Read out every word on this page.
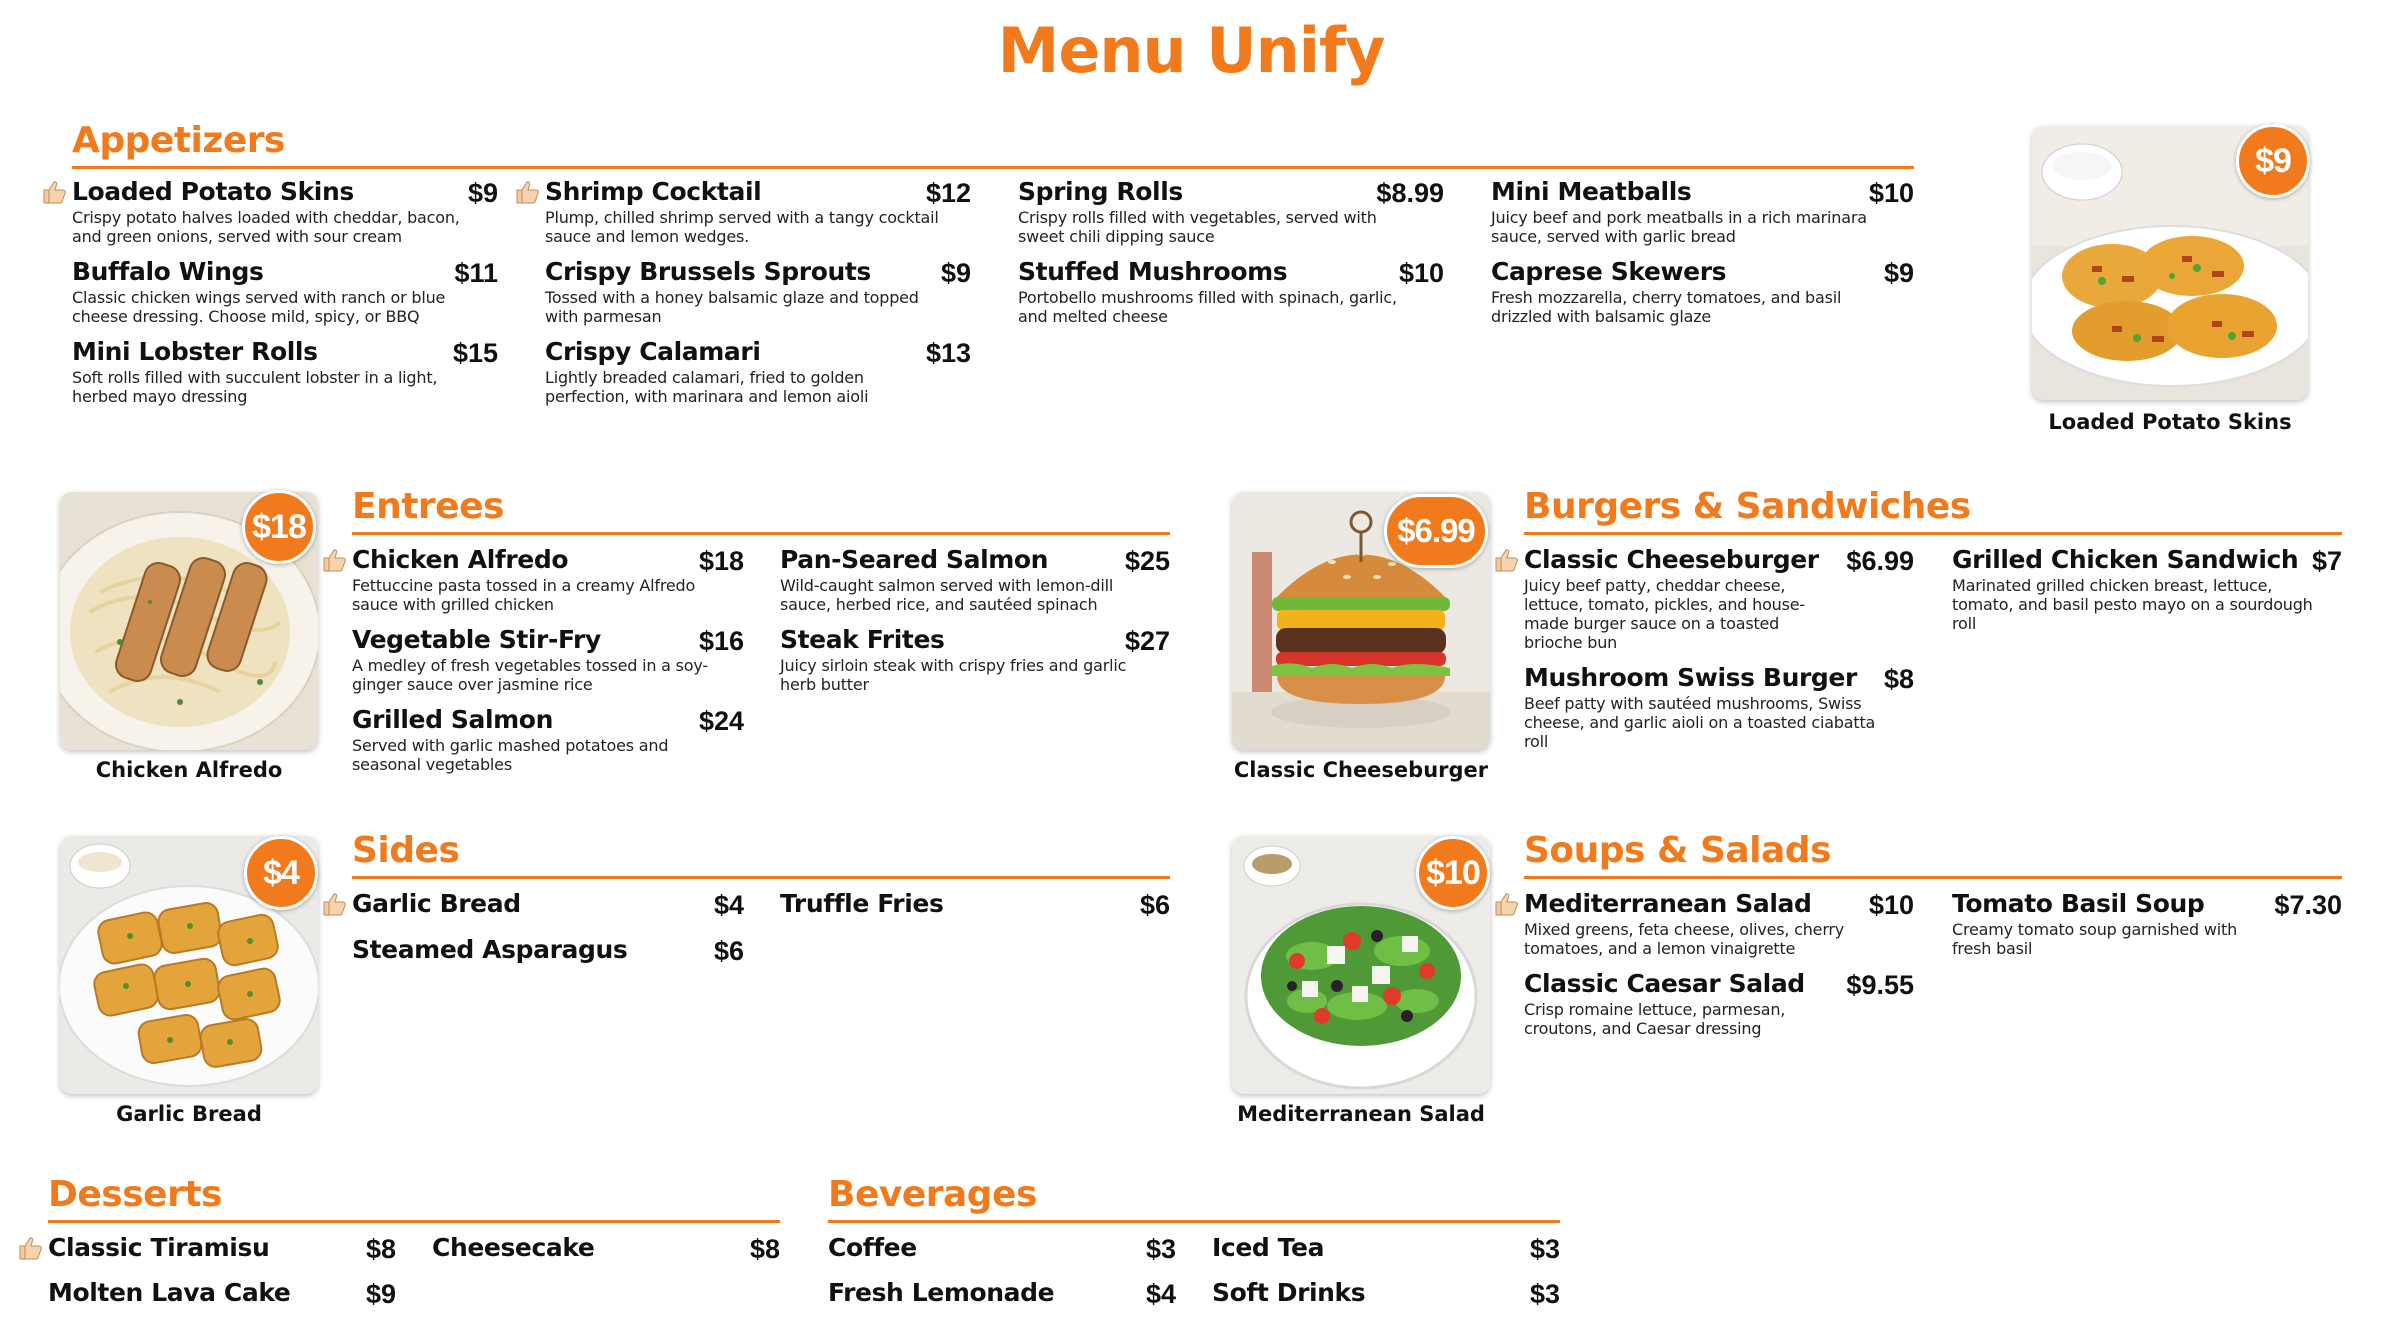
Menu Unify
Appetizers
Loaded Potato Skins	$9
Crispy potato halves loaded with cheddar, bacon, and green onions, served with sour cream
Buffalo Wings	$11
Classic chicken wings served with ranch or blue cheese dressing. Choose mild, spicy, or BBQ
Mini Lobster Rolls	$15
Soft rolls filled with succulent lobster in a light, herbed mayo dressing
Shrimp Cocktail	$12
Plump, chilled shrimp served with a tangy cocktail sauce and lemon wedges.
Crispy Brussels Sprouts	$9
Tossed with a honey balsamic glaze and topped with parmesan
Crispy Calamari	$13
Lightly breaded calamari, fried to golden perfection, with marinara and lemon aioli
Spring Rolls	$8.99
Crispy rolls filled with vegetables, served with sweet chili dipping sauce
Stuffed Mushrooms	$10
Portobello mushrooms filled with spinach, garlic, and melted cheese
Mini Meatballs	$10
Juicy beef and pork meatballs in a rich marinara sauce, served with garlic bread
Caprese Skewers	$9
Fresh mozzarella, cherry tomatoes, and basil drizzled with balsamic glaze
$9
Loaded Potato Skins
Entrees
$18
Chicken Alfredo
Chicken Alfredo	$18
Fettuccine pasta tossed in a creamy Alfredo sauce with grilled chicken
Vegetable Stir-Fry	$16
A medley of fresh vegetables tossed in a soy-ginger sauce over jasmine rice
Grilled Salmon	$24
Served with garlic mashed potatoes and seasonal vegetables
Pan-Seared Salmon	$25
Wild-caught salmon served with lemon-dill sauce, herbed rice, and sautéed spinach
Steak Frites	$27
Juicy sirloin steak with crispy fries and garlic herb butter
Burgers & Sandwiches
$6.99
Classic Cheeseburger
Classic Cheeseburger $6.99
Juicy beef patty, cheddar cheese, lettuce, tomato, pickles, and house-made burger sauce on a toasted brioche bun
Mushroom Swiss Burger $8
Beef patty with sautéed mushrooms, Swiss cheese, and garlic aioli on a toasted ciabatta roll
Grilled Chicken Sandwich $7
Marinated grilled chicken breast, lettuce, tomato, and basil pesto mayo on a sourdough roll
Sides
$4
Garlic Bread
Garlic Bread	$4
Steamed Asparagus	$6
Truffle Fries	$6
Soups & Salads
$10
Mediterranean Salad
Mediterranean Salad $10
Mixed greens, feta cheese, olives, cherry tomatoes, and a lemon vinaigrette
Classic Caesar Salad $9.55
Crisp romaine lettuce, parmesan, croutons, and Caesar dressing
Tomato Basil Soup	$7.30
Creamy tomato soup garnished with fresh basil
Desserts
Classic Tiramisu	$8
Molten Lava Cake	$9
Cheesecake	$8
Beverages
Coffee	$3
Fresh Lemonade	$4
Iced Tea	$3
Soft Drinks	$3
